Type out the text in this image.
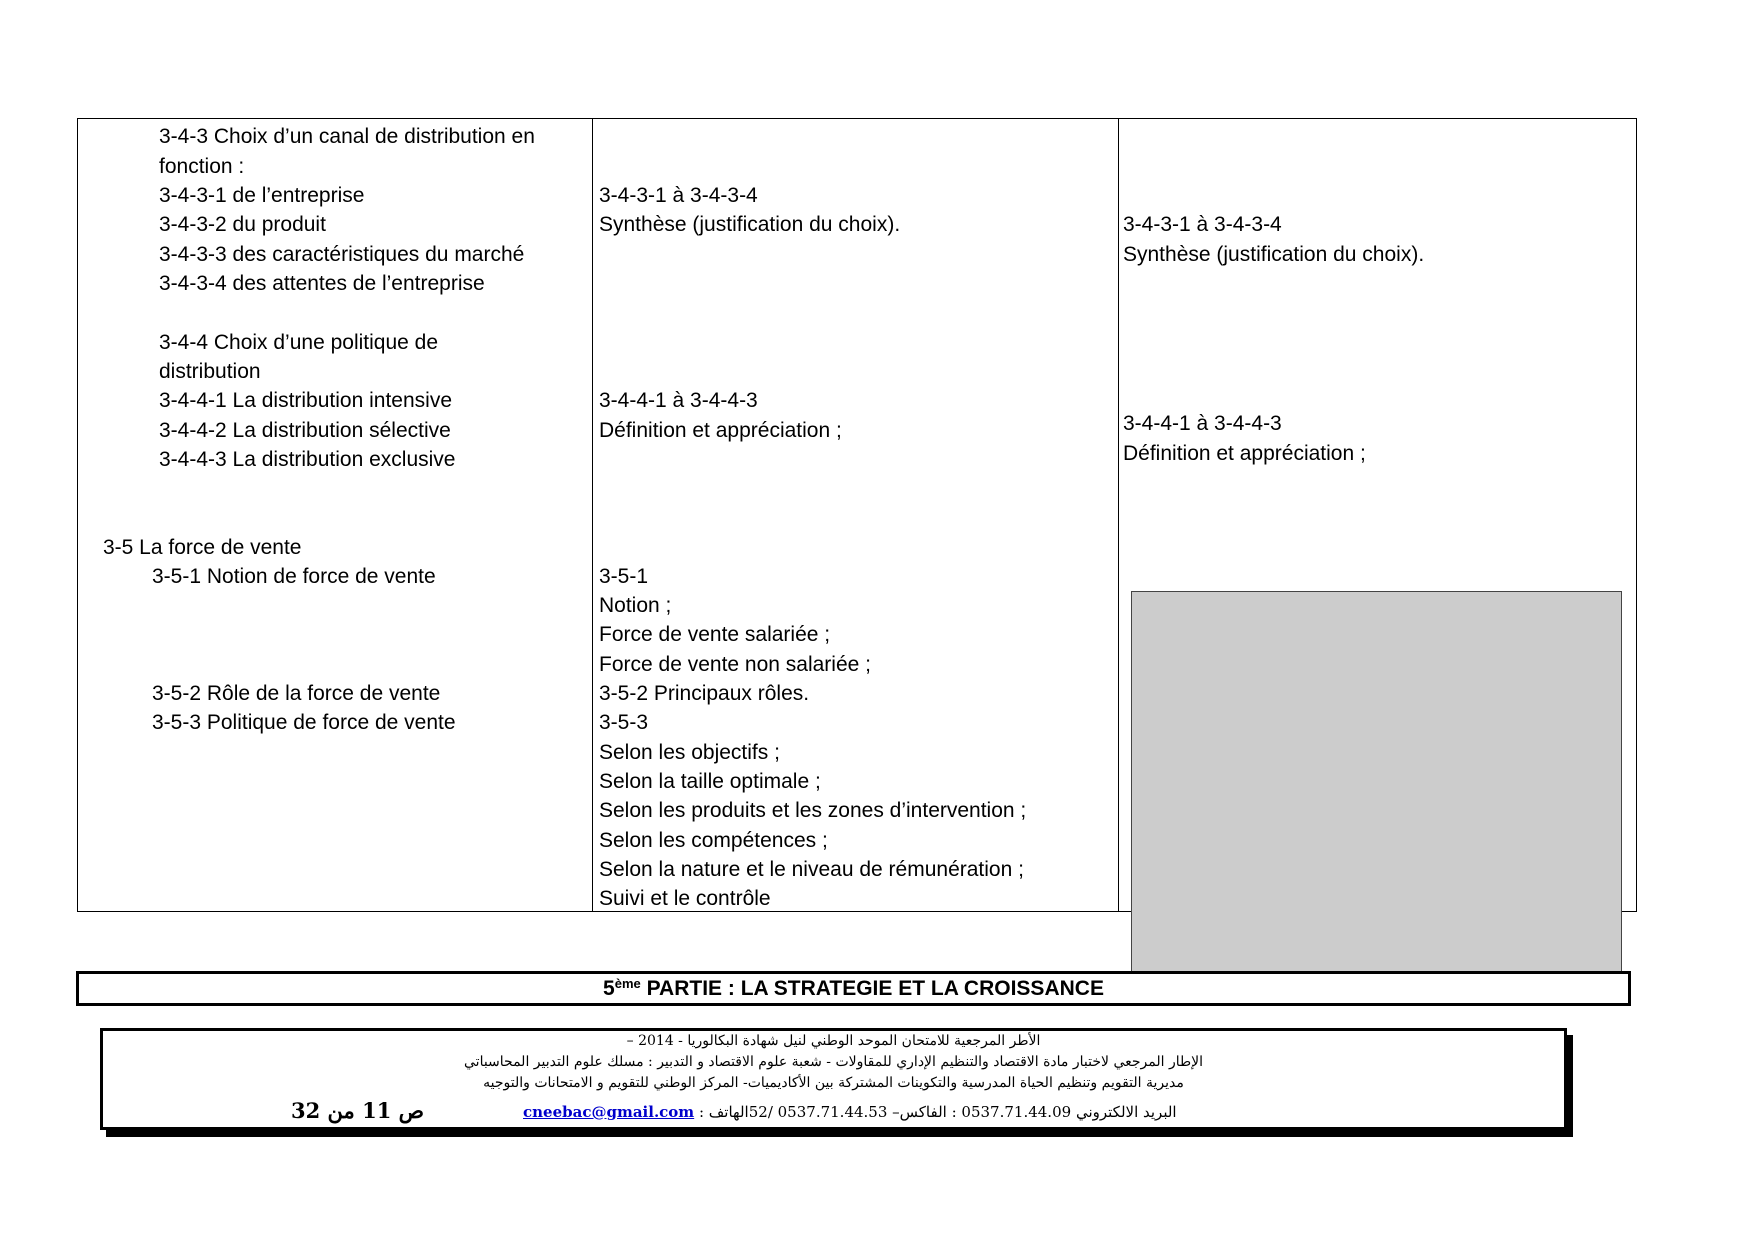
3-4-3 Choix d’un canal de distribution en
fonction :
3-4-3-1 de l’entreprise
3-4-3-2 du produit
3-4-3-3 des caractéristiques du marché
3-4-3-4 des attentes de l’entreprise
3-4-4 Choix d’une politique de
distribution
3-4-4-1 La distribution intensive
3-4-4-2 La distribution sélective
3-4-4-3 La distribution exclusive
3-5 La force de vente
3-5-1 Notion de force de vente
3-5-2 Rôle de la force de vente
3-5-3 Politique de force de vente
3-4-3-1 à 3-4-3-4
Synthèse (justification du choix).
3-4-4-1 à 3-4-4-3
Définition et appréciation ;
3-5-1
Notion ;
Force de vente salariée ;
Force de vente non salariée ;
3-5-2 Principaux rôles.
3-5-3
Selon les objectifs ;
Selon la taille optimale ;
Selon les produits et les zones d’intervention ;
Selon les compétences ;
Selon la nature et le niveau de rémunération ;
Suivi et le contrôle
3-4-3-1 à 3-4-3-4
Synthèse (justification du choix).
3-4-4-1 à 3-4-4-3
Définition et appréciation ;
5ème PARTIE : LA STRATEGIE ET LA CROISSANCE
الأطر المرجعية للامتحان الموحد الوطني لنيل شهادة البكالوريا - 2014 –
الإطار المرجعي لاختبار مادة الاقتصاد والتنظيم الإداري للمقاولات - شعبة علوم الاقتصاد و التدبير : مسلك علوم التدبير المحاسباتي
مديرية التقويم وتنظيم الحياة المدرسية والتكوينات المشتركة بين الأكاديميات- المركز الوطني للتقويم و الامتحانات والتوجيه
cneebac@gmail.com : البريد الالكتروني 0537.71.44.09 : الفاكس– 0537.71.44.53 /52الهاتف
ص 11 من 32
